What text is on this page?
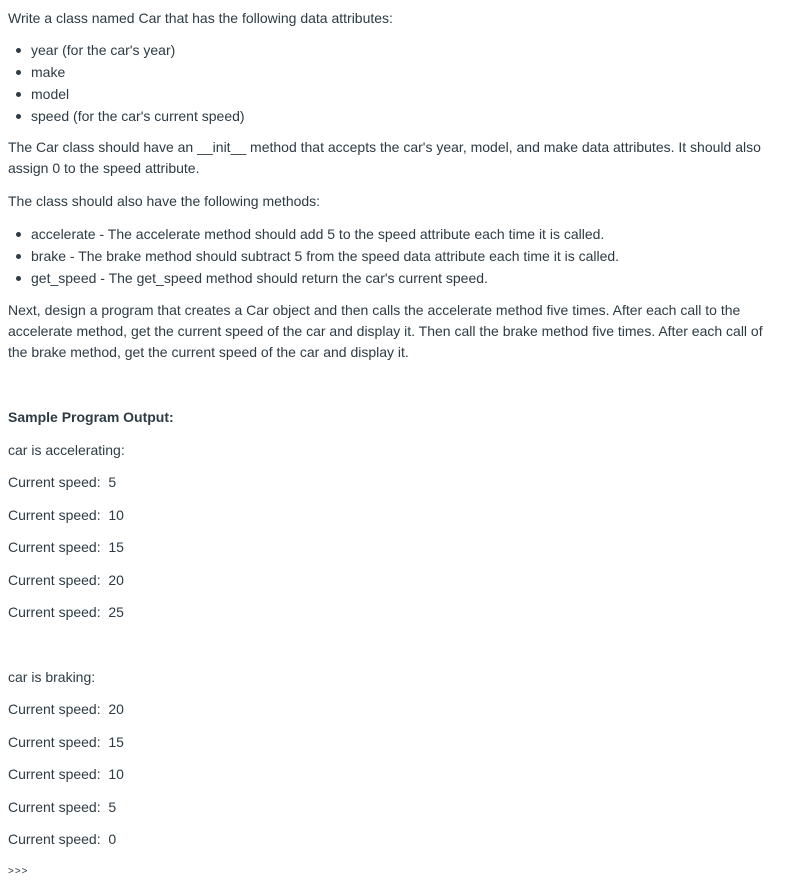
Write a class named Car that has the following data attributes:

year (for the car's year)
make
model
speed (for the car's current speed)

The Car class should have an __init__ method that accepts the car's year, model, and make data attributes. It should also assign 0 to the speed attribute.

The class should also have the following methods:

accelerate - The accelerate method should add 5 to the speed attribute each time it is called.
brake - The brake method should subtract 5 from the speed data attribute each time it is called.
get_speed - The get_speed method should return the car's current speed.

Next, design a program that creates a Car object and then calls the accelerate method five times. After each call to the accelerate method, get the current speed of the car and display it. Then call the brake method five times. After each call of the brake method, get the current speed of the car and display it.

Sample Program Output:

car is accelerating:
Current speed:  5
Current speed:  10
Current speed:  15
Current speed:  20
Current speed:  25
car is braking:
Current speed:  20
Current speed:  15
Current speed:  10
Current speed:  5
Current speed:  0
>>>
